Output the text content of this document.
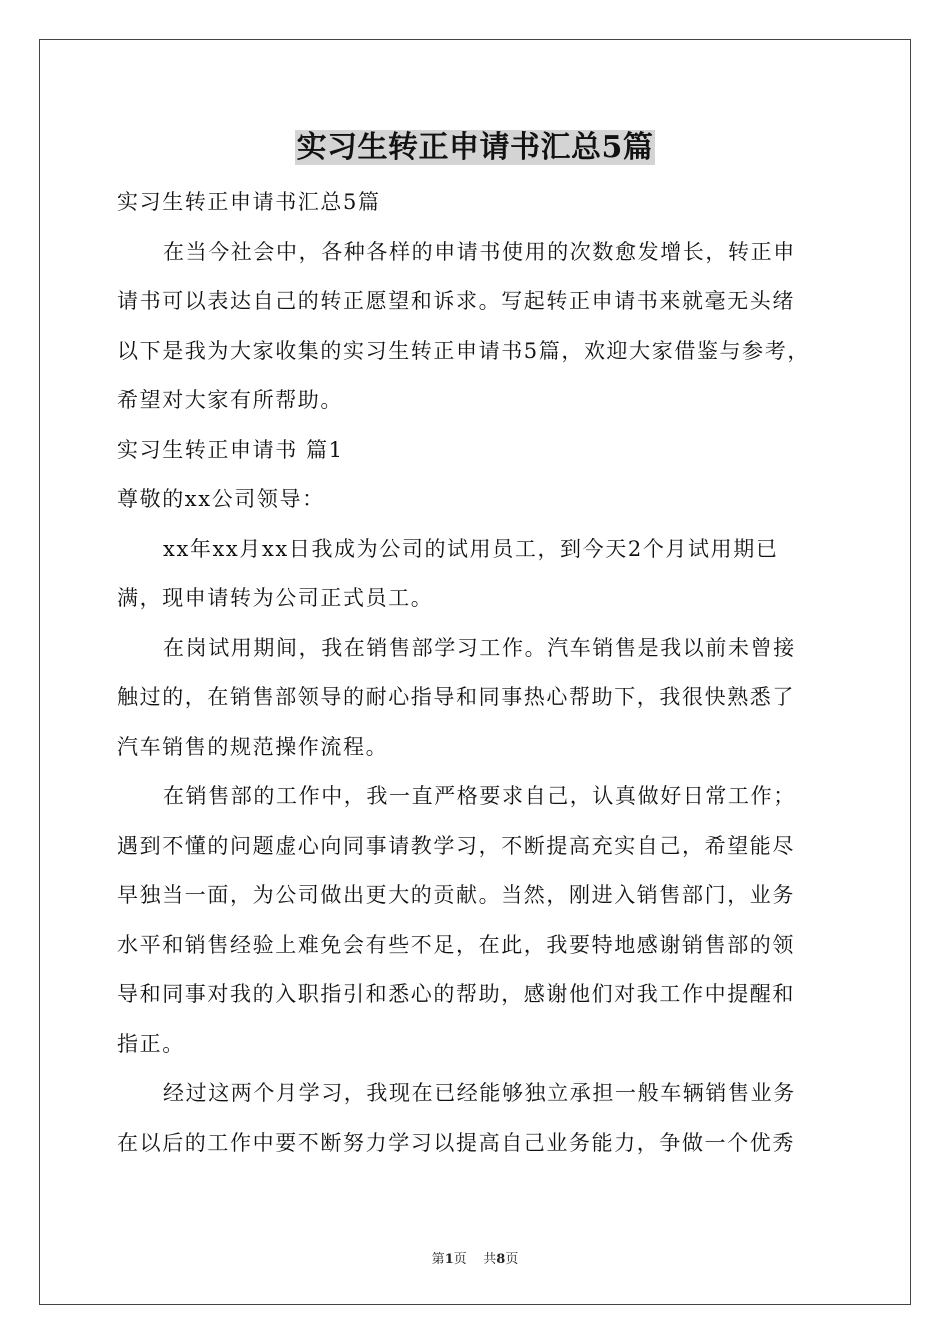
实习生转正申请书汇总5篇
实习生转正申请书汇总5篇
在当今社会中，各种各样的申请书使用的次数愈发增长，转正申
请书可以表达自己的转正愿望和诉求。写起转正申请书来就毫无头绪
以下是我为大家收集的实习生转正申请书5篇，欢迎大家借鉴与参考，
希望对大家有所帮助。
实习生转正申请书 篇1
尊敬的xx公司领导：
xx年xx月xx日我成为公司的试用员工，到今天2个月试用期已
满，现申请转为公司正式员工。
在岗试用期间，我在销售部学习工作。汽车销售是我以前未曾接
触过的，在销售部领导的耐心指导和同事热心帮助下，我很快熟悉了
汽车销售的规范操作流程。
在销售部的工作中，我一直严格要求自己，认真做好日常工作；
遇到不懂的问题虚心向同事请教学习，不断提高充实自己，希望能尽
早独当一面，为公司做出更大的贡献。当然，刚进入销售部门，业务
水平和销售经验上难免会有些不足，在此，我要特地感谢销售部的领
导和同事对我的入职指引和悉心的帮助，感谢他们对我工作中提醒和
指正。
经过这两个月学习，我现在已经能够独立承担一般车辆销售业务
在以后的工作中要不断努力学习以提高自己业务能力，争做一个优秀
第1页    共8页
